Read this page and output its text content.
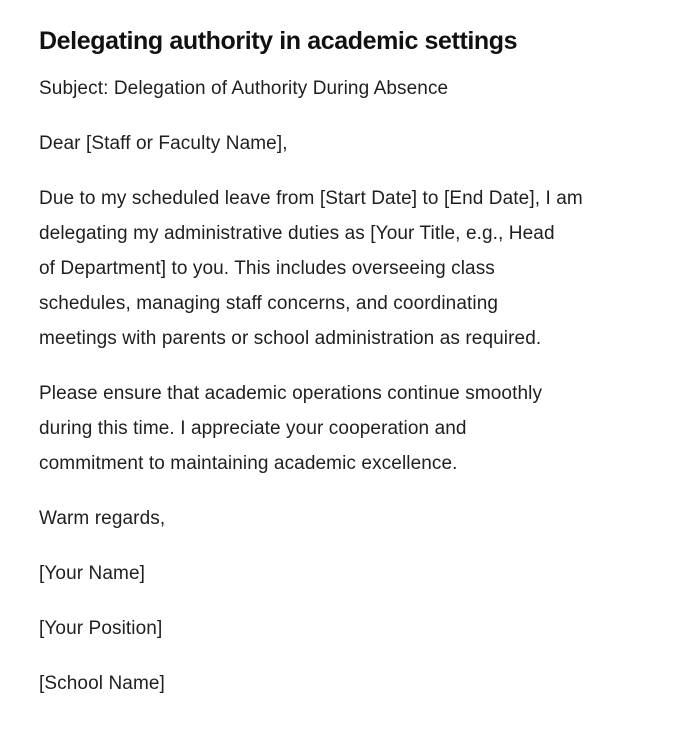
Delegating authority in academic settings

Subject: Delegation of Authority During Absence

Dear [Staff or Faculty Name],

Due to my scheduled leave from [Start Date] to [End Date], I am
delegating my administrative duties as [Your Title, e.g., Head
of Department] to you. This includes overseeing class
schedules, managing staff concerns, and coordinating
meetings with parents or school administration as required.

Please ensure that academic operations continue smoothly
during this time. I appreciate your cooperation and
commitment to maintaining academic excellence.

Warm regards,

[Your Name]

[Your Position]

[School Name]
